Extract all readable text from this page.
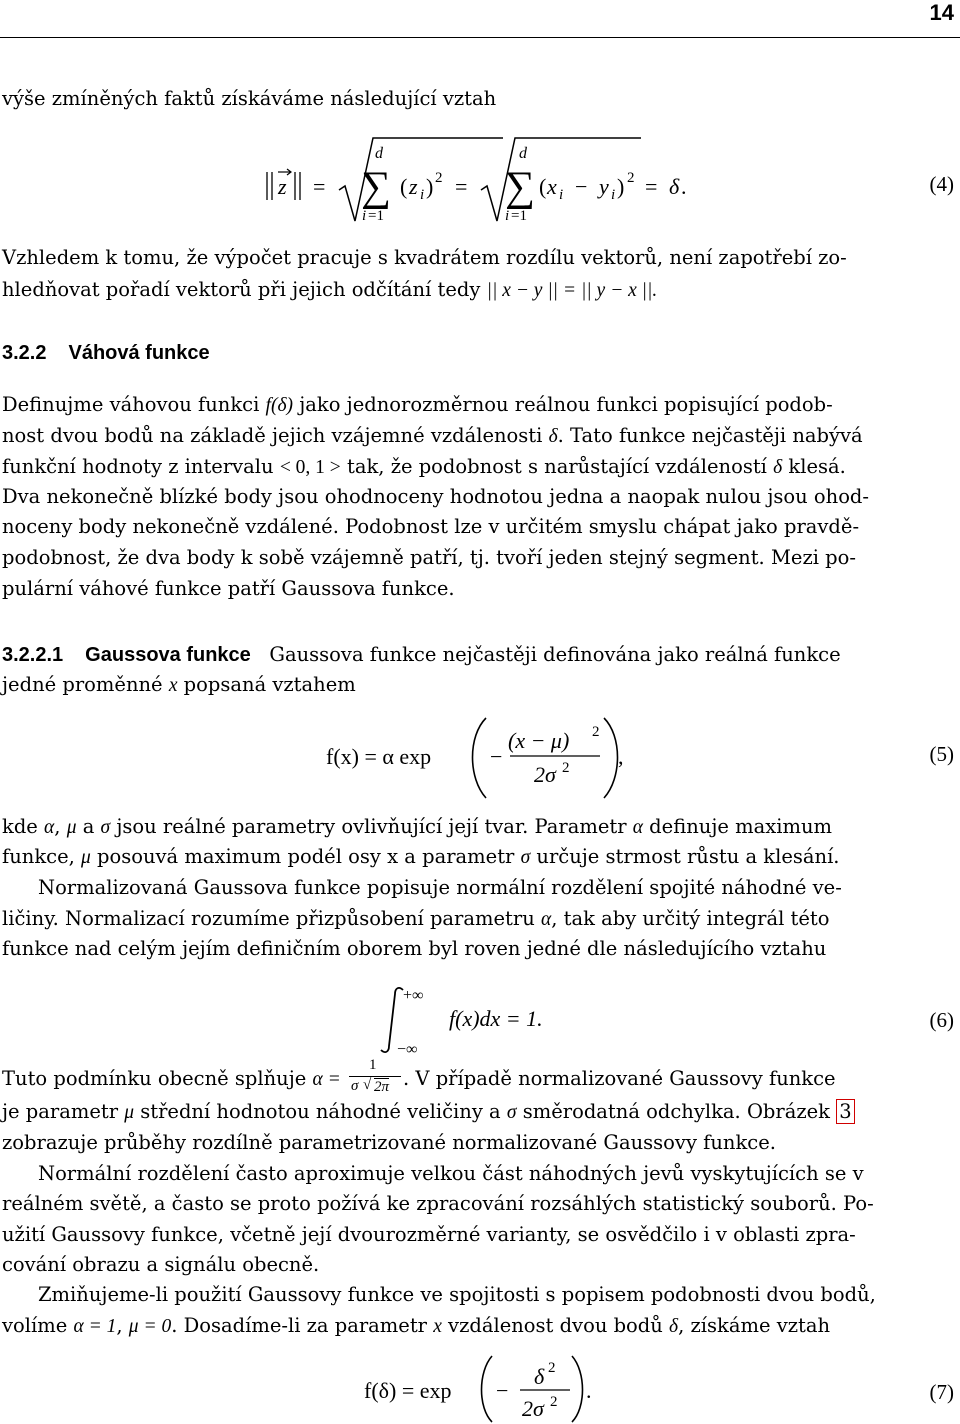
14
výše zmíněných faktů získáváme následující vztah
z =
d
∑
i =1
( z i ) 2 =
d
∑
i =1
( x i − y i ) 2 = δ .	(4)
Vzhledem k tomu, že výpočet pracuje s kvadrátem rozdílu vektorů, není zapotřebí zo-
hledňovat pořadí vektorů při jejich odčítání tedy || x − y || = || y − x ||.
3.2.2 Váhová funkce
Definujme váhovou funkci f(δ) jako jednorozměrnou reálnou funkci popisující podob-
nost dvou bodů na základě jejich vzájemné vzdálenosti δ. Tato funkce nejčastěji nabývá
funkční hodnoty z intervalu < 0, 1 > tak, že podobnost s narůstající vzdáleností δ klesá.
Dva nekonečně blízké body jsou ohodnoceny hodnotou jedna a naopak nulou jsou ohod-
noceny body nekonečně vzdálené. Podobnost lze v určitém smyslu chápat jako pravdě-
podobnost, že dva body k sobě vzájemně patří, tj. tvoří jeden stejný segment. Mezi po-
pulární váhové funkce patří Gaussova funkce.
3.2.2.1 Gaussova funkce Gaussova funkce nejčastěji definována jako reálná funkce
jedné proměnné x popsaná vztahem
f(x) = α exp	−
(x − μ) 2
2σ 2 ,	(5)
kde α, μ a σ jsou reálné parametry ovlivňující její tvar. Parametr α definuje maximum
funkce, μ posouvá maximum podél osy x a parametr σ určuje strmost růstu a klesání.
Normalizovaná Gaussova funkce popisuje normální rozdělení spojité náhodné ve-
ličiny. Normalizací rozumíme přizpůsobení parametru α, tak aby určitý integrál této
funkce nad celým jejím definičním oborem byl roven jedné dle následujícího vztahu
+∞
−∞
f(x)dx = 1.	(6)
Tuto podmínku obecně splňuje α =
1
σ √ 2π . V případě normalizované Gaussovy funkce
je parametr μ střední hodnotou náhodné veličiny a σ směrodatná odchylka. Obrázek 3
zobrazuje průběhy rozdílně parametrizované normalizované Gaussovy funkce.
Normální rozdělení často aproximuje velkou část náhodných jevů vyskytujících se v
reálném světě, a často se proto požívá ke zpracování rozsáhlých statistický souborů. Po-
užití Gaussovy funkce, včetně její dvourozměrné varianty, se osvědčilo i v oblasti zpra-
cování obrazu a signálu obecně.
Zmiňujeme-li použití Gaussovy funkce ve spojitosti s popisem podobnosti dvou bodů,
volíme α = 1, μ = 0. Dosadíme-li za parametr x vzdálenost dvou bodů δ, získáme vztah
f(δ) = exp −
δ 2
2σ 2 .	(7)
